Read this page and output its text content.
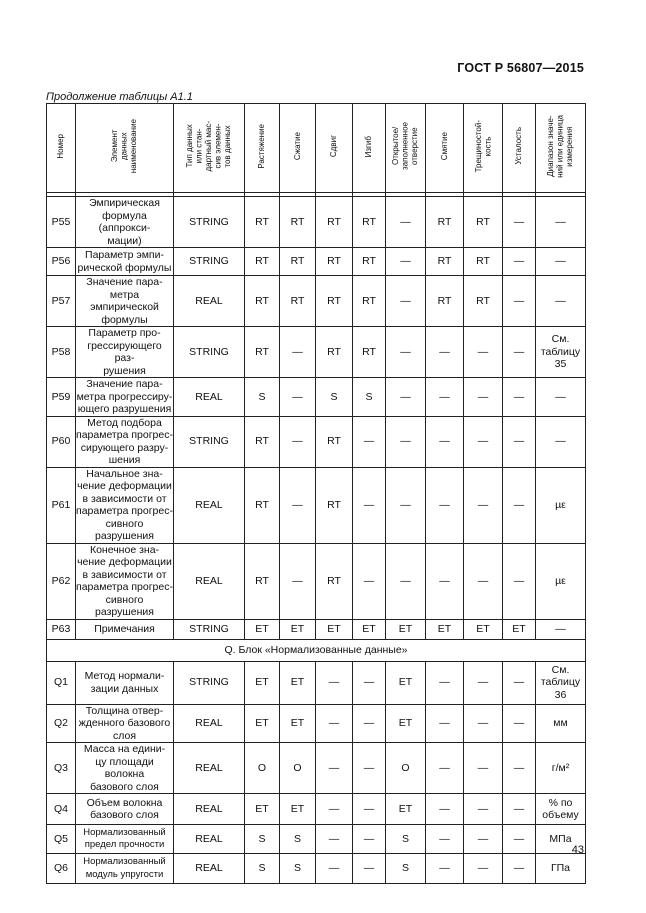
ГОСТ Р 56807—2015
Продолжение таблицы А1.1
Номер	Элемент
данных
наименование	Тип данных
или стан-
дартный мас-
сив элемен-
тов данных	Растяжение	Сжатие	Сдвиг	Изгиб	Открытое/
заполненное
отверстие	Смятие	Трещиностой-
кость	Усталость	Диапазон значе-
ний или единица
измерения

P55	Эмпирическая
формула (аппрокси-
мации)	STRING	RT	RT	RT	RT	—	RT	RT	—	—
P56	Параметр эмпи-
рической формулы	STRING	RT	RT	RT	RT	—	RT	RT	—	—
P57	Значение пара-
метра эмпирической
формулы	REAL	RT	RT	RT	RT	—	RT	RT	—	—
P58	Параметр про-
грессирующего раз-
рушения	STRING	RT	—	RT	RT	—	—	—	—	См.
таблицу
35
P59	Значение пара-
метра прогрессиру-
ющего разрушения	REAL	S	—	S	S	—	—	—	—	—
P60	Метод подбора
параметра прогрес-
сирующего разру-
шения	STRING	RT	—	RT	—	—	—	—	—	—
P61	Начальное зна-
чение деформации
в зависимости от
параметра прогрес-
сивного разрушения	REAL	RT	—	RT	—	—	—	—	—	µε
P62	Конечное зна-
чение деформации
в зависимости от
параметра прогрес-
сивного разрушения	REAL	RT	—	RT	—	—	—	—	—	µε
P63	Примечания	STRING	ET	ET	ET	ET	ET	ET	ET	ET	—
Q. Блок «Нормализованные данные»											
Q1	Метод нормали-
зации данных	STRING	ET	ET	—	—	ET	—	—	—	См.
таблицу
36
Q2	Толщина отвер-
жденного базового
слоя	REAL	ET	ET	—	—	ET	—	—	—	мм
Q3	Масса на едини-
цу площади волокна
базового слоя	REAL	O	O	—	—	O	—	—	—	г/м²
Q4	Объем волокна
базового слоя	REAL	ET	ET	—	—	ET	—	—	—	% по
объему
Q5	Нормализованный
предел прочности	REAL	S	S	—	—	S	—	—	—	МПа
Q6	Нормализованный
модуль упругости	REAL	S	S	—	—	S	—	—	—	ГПа
43
